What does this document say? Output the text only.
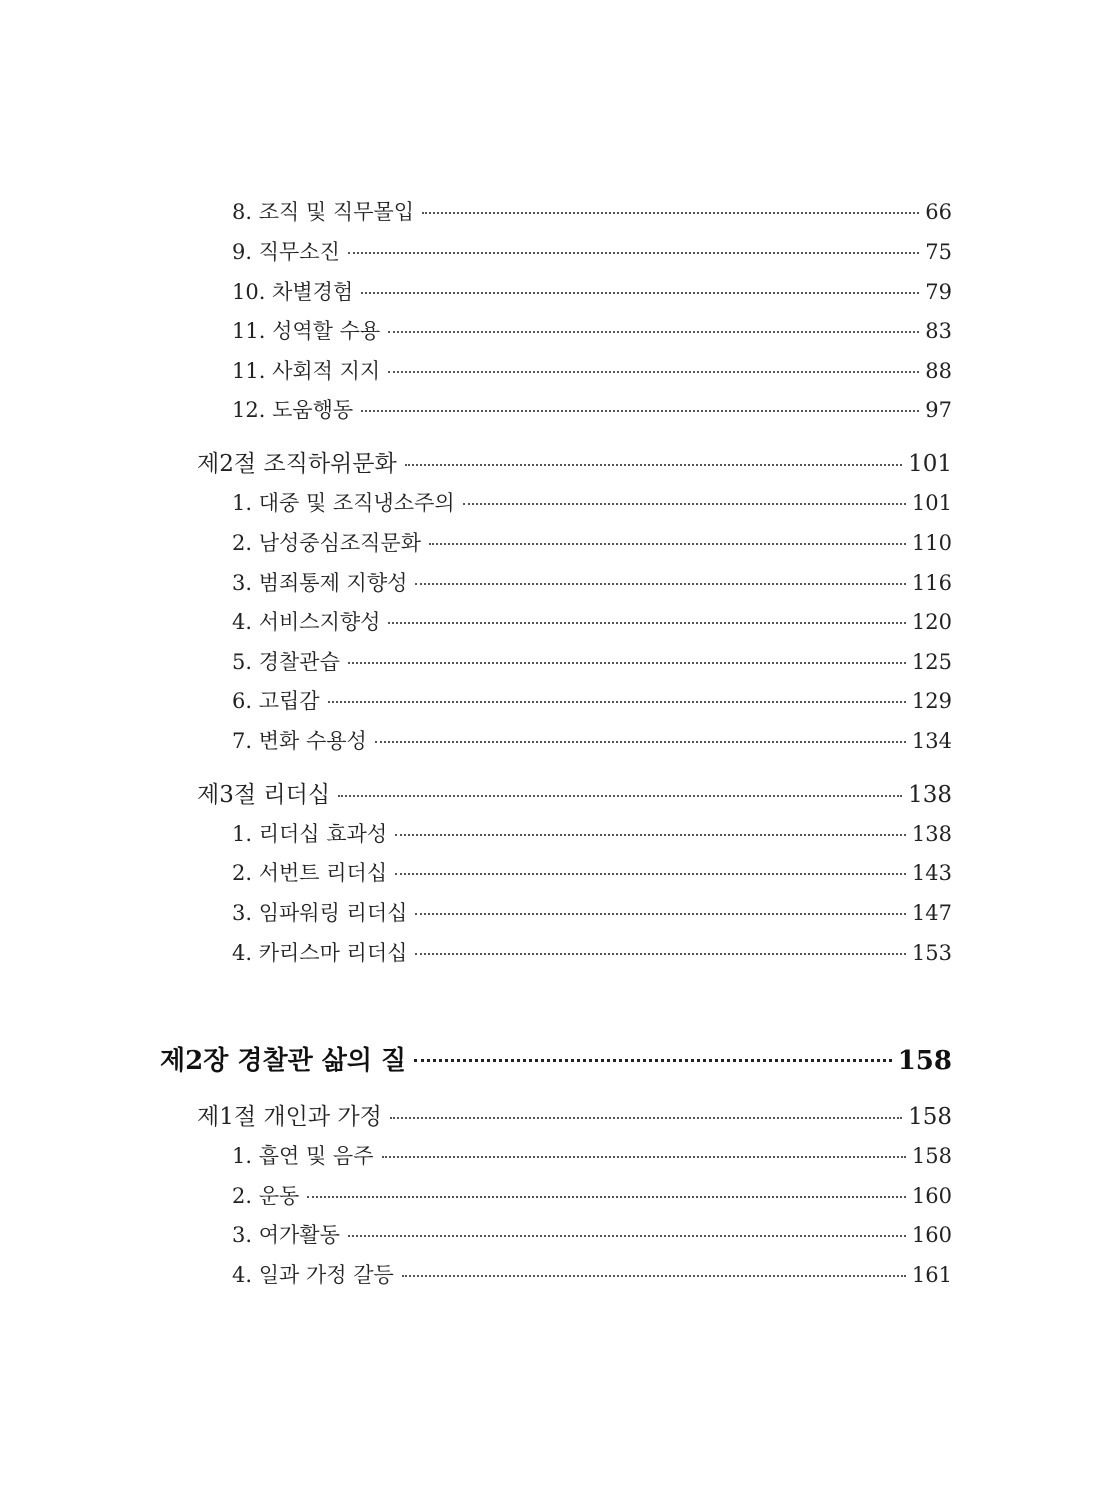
8. 조직 및 직무몰입	66
9. 직무소진	75
10. 차별경험	79
11. 성역할 수용	83
11. 사회적 지지	88
12. 도움행동	97
제2절 조직하위문화	101
1. 대중 및 조직냉소주의	101
2. 남성중심조직문화	110
3. 범죄통제 지향성	116
4. 서비스지향성	120
5. 경찰관습	125
6. 고립감	129
7. 변화 수용성	134
제3절 리더십	138
1. 리더십 효과성	138
2. 서번트 리더십	143
3. 임파워링 리더십	147
4. 카리스마 리더십	153
제2장 경찰관 삶의 질	158
제1절 개인과 가정	158
1. 흡연 및 음주	158
2. 운동	160
3. 여가활동	160
4. 일과 가정 갈등	161
